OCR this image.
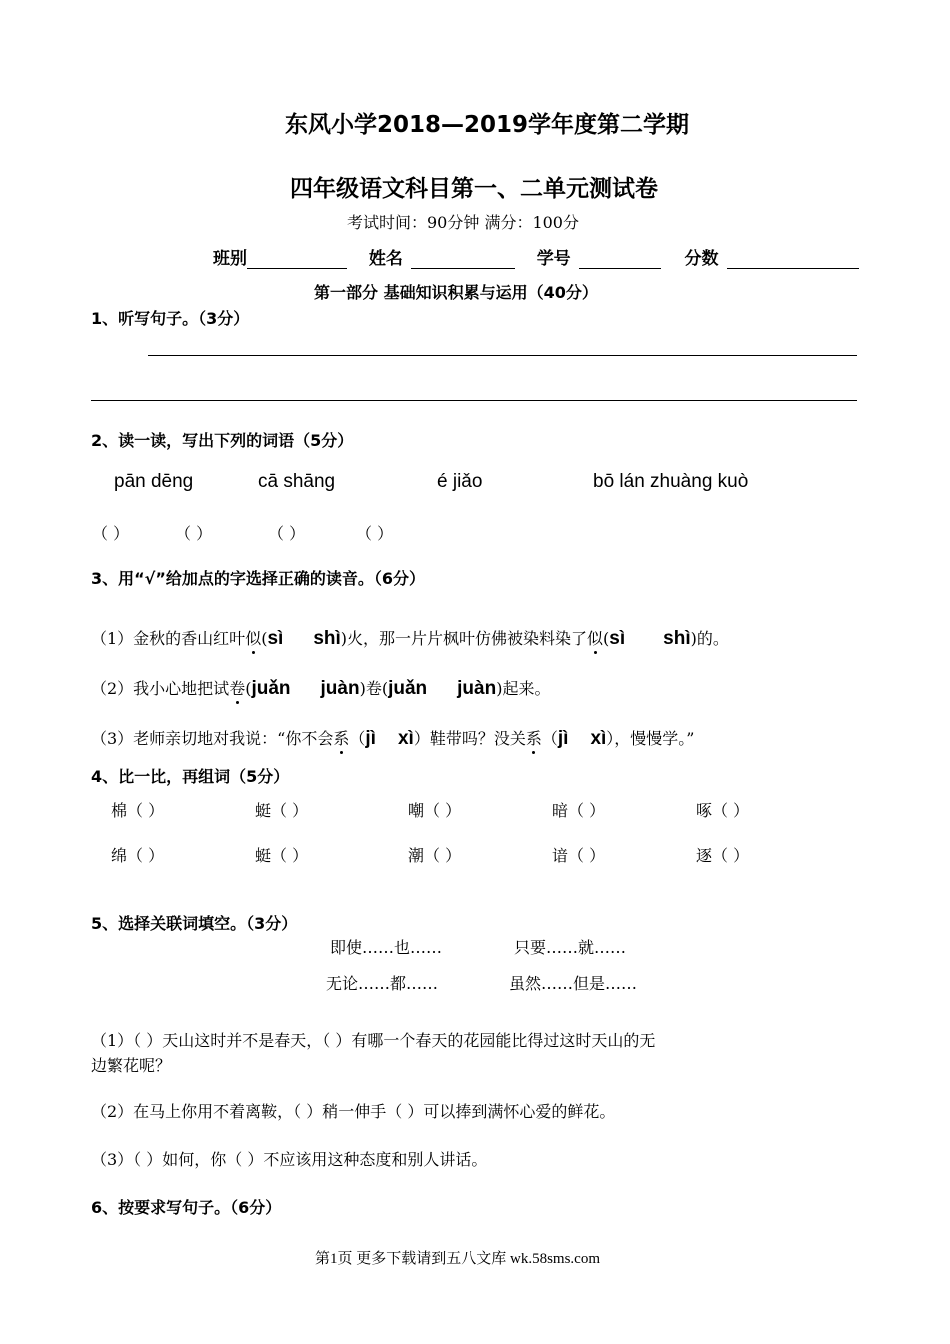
东风小学2018—2019学年度第二学期
四年级语文科目第一、二单元测试卷
考试时间：90分钟 满分：100分
班别	姓名	学号	分数
第一部分 基础知识积累与运用（40分）
1、听写句子。（3分）
2、读一读，写出下列的词语（5分）
pān dēng	cā shāng	é jiǎo	bō lán zhuàng kuò
（ ）	（ ）	（ ）	（ ）
3、用“√”给加点的字选择正确的读音。（6分）
（1）金秋的香山红叶似(sì shì)火，那一片片枫叶仿佛被染料染了似(sì shì)的。
（2）我小心地把试卷(juǎn juàn)卷(juǎn juàn)起来。
（3）老师亲切地对我说：“你不会系（jì xì）鞋带吗？没关系（jì xì），慢慢学。”
4、比一比，再组词（5分）
棉（ ）	蜓（ ）	嘲（ ）	暗（ ）	啄（ ）
绵（ ）	蜓（ ）	潮（ ）	谙（ ）	逐（ ）
5、选择关联词填空。（3分）
即使……也……	只要……就……
无论……都……	虽然……但是……
（1）（ ）天山这时并不是春天，（ ）有哪一个春天的花园能比得过这时天山的无
边繁花呢？
（2）在马上你用不着离鞍，（ ）稍一伸手（ ）可以捧到满怀心爱的鲜花。
（3）（ ）如何，你（ ）不应该用这种态度和别人讲话。
6、按要求写句子。（6分）
第1页 更多下载请到五八文库 wk.58sms.com
